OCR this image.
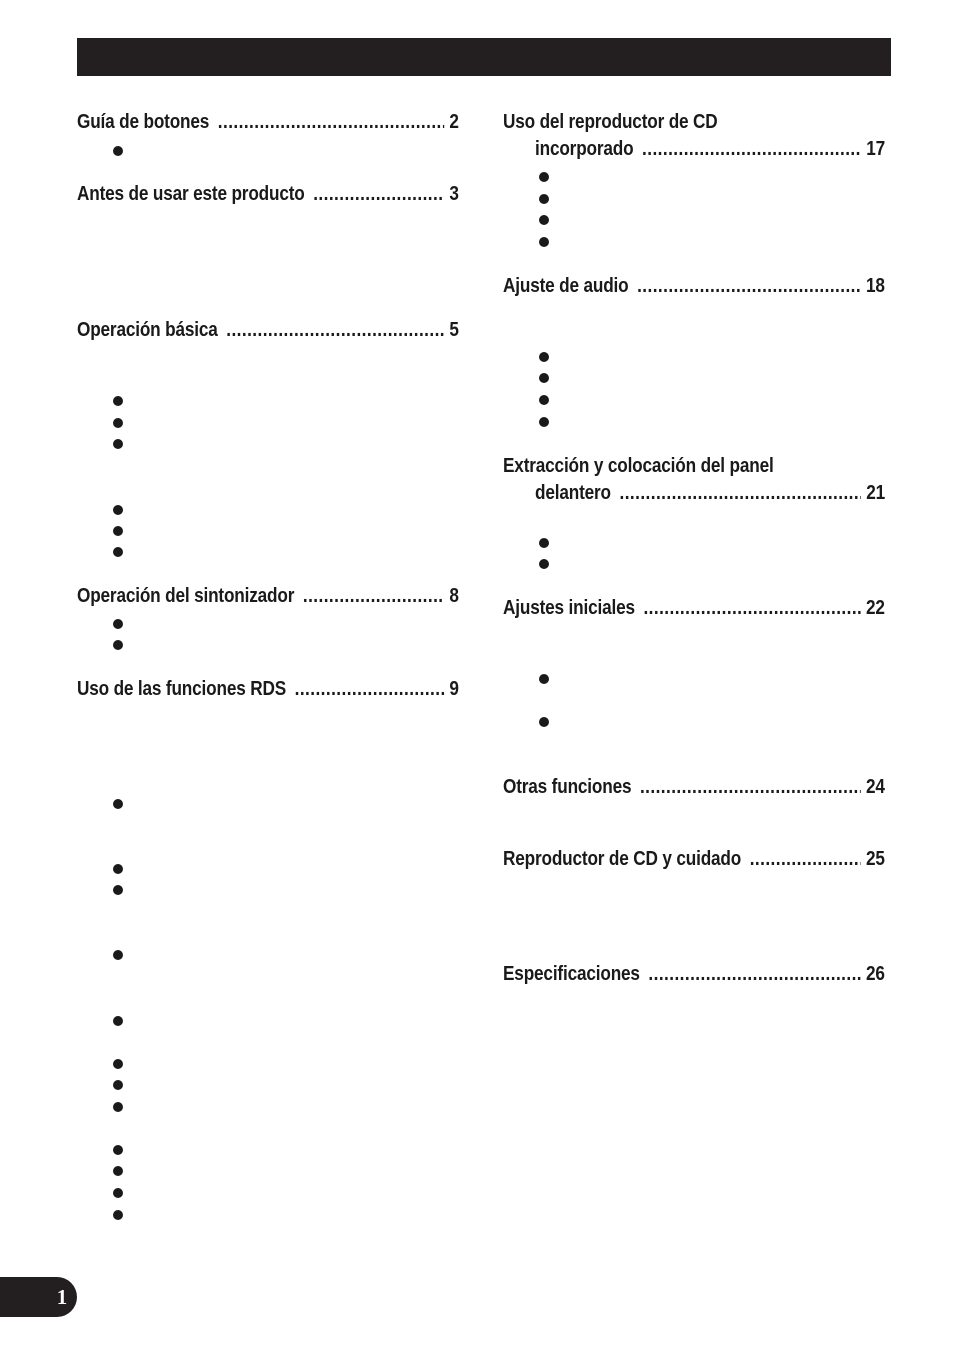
Guía de botones .....	2
Antes de usar este producto .....	3
Operación básica .....	5
Operación del sintonizador .....	8
Uso de las funciones RDS .....	9
Uso del reproductor de CD
incorporado .....	17
Ajuste de audio .....	18
Extracción y colocación del panel
delantero .....	21
Ajustes iniciales .....	22
Otras funciones .....	24
Reproductor de CD y cuidado .....	25
Especificaciones .....	26
1
